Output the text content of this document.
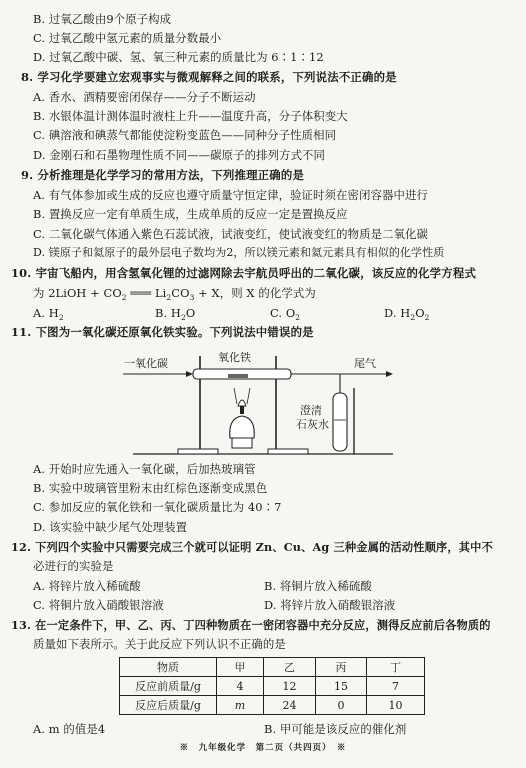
B. 过氧乙酸由9个原子构成
C. 过氧乙酸中氢元素的质量分数最小
D. 过氧乙酸中碳、氢、氧三种元素的质量比为 6∶1∶12
8. 学习化学要建立宏观事实与微观解释之间的联系，下列说法不正确的是
A. 香水、酒精要密闭保存——分子不断运动
B. 水银体温计测体温时液柱上升——温度升高，分子体积变大
C. 碘溶液和碘蒸气都能使淀粉变蓝色——同种分子性质相同
D. 金刚石和石墨物理性质不同——碳原子的排列方式不同
9. 分析推理是化学学习的常用方法，下列推理正确的是
A. 有气体参加或生成的反应也遵守质量守恒定律，验证时须在密闭容器中进行
B. 置换反应一定有单质生成，生成单质的反应一定是置换反应
C. 二氧化碳气体通入紫色石蕊试液，试液变红，使试液变红的物质是二氧化碳
D. 镁原子和氦原子的最外层电子数均为2，所以镁元素和氦元素具有相似的化学性质
10. 宇宙飞船内，用含氢氧化锂的过滤网除去宇航员呼出的二氧化碳，该反应的化学方程式
为 2LiOH + $CO_2$ ═══ $Li_2CO_3 + X$，则 X 的化学式为
A. $H_2$	B. $H_2O$	C. $O_2$	D. $H_2O_2$
11. 下图为一氧化碳还原氧化铁实验。下列说法中错误的是
一氧化碳	氧化铁	尾气
澄清
石灰水
A. 开始时应先通入一氧化碳，后加热玻璃管
B. 实验中玻璃管里粉末由红棕色逐渐变成黑色
C. 参加反应的氧化铁和一氧化碳质量比为 40∶7
D. 该实验中缺少尾气处理装置
12. 下列四个实验中只需要完成三个就可以证明 Zn、Cu、Ag 三种金属的活动性顺序，其中不
必进行的实验是
A. 将锌片放入稀硫酸	B. 将铜片放入稀硫酸
C. 将铜片放入硝酸银溶液	D. 将锌片放入硝酸银溶液
13. 在一定条件下，甲、乙、丙、丁四种物质在一密闭容器中充分反应，测得反应前后各物质的
质量如下表所示。关于此反应下列认识不正确的是
物质	甲	乙	丙	丁
反应前质量/g	4	12	15	7
反应后质量/g	m	24	0	10
A. m 的值是4	B. 甲可能是该反应的催化剂
※　九年级化学　第二页（共四页）　※
